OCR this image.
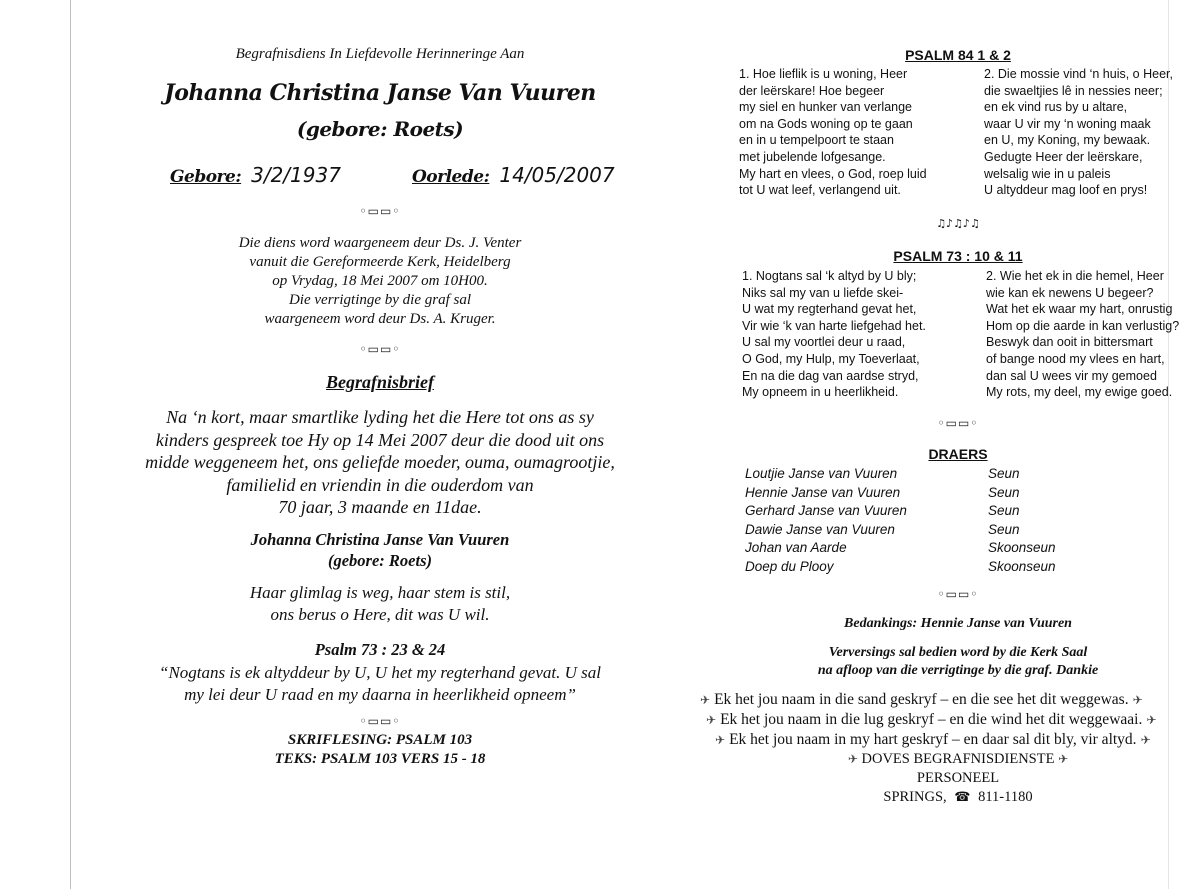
Begrafnisdiens In Liefdevolle Herinneringe Aan
Johanna Christina Janse Van Vuuren
(gebore: Roets)
Gebore: 3/2/1937	Oorlede: 14/05/2007
◦▭▭◦
Die diens word waargeneem deur Ds. J. Venter
vanuit die Gereformeerde Kerk, Heidelberg
op Vrydag, 18 Mei 2007 om 10H00.
Die verrigtinge by die graf sal
waargeneem word deur Ds. A. Kruger.
◦▭▭◦
Begrafnisbrief
Na ‘n kort, maar smartlike lyding het die Here tot ons as sy
kinders gespreek toe Hy op 14 Mei 2007 deur die dood uit ons
midde weggeneem het, ons geliefde moeder, ouma, oumagrootjie,
familielid en vriendin in die ouderdom van
70 jaar, 3 maande en 11dae.
Johanna Christina Janse Van Vuuren
(gebore: Roets)
Haar glimlag is weg, haar stem is stil,
ons berus o Here, dit was U wil.
Psalm 73 : 23 & 24
“Nogtans is ek altyddeur by U, U het my regterhand gevat. U sal
my lei deur U raad en my daarna in heerlikheid opneem”
◦▭▭◦
SKRIFLESING: PSALM 103
TEKS: PSALM 103 VERS 15 - 18
PSALM 84 1 & 2
1. Hoe lieflik is u woning, Heer
der leërskare! Hoe begeer
my siel en hunker van verlange
om na Gods woning op te gaan
en in u tempelpoort te staan
met jubelende lofgesange.
My hart en vlees, o God, roep luid
tot U wat leef, verlangend uit.
2. Die mossie vind ‘n huis, o Heer,
die swaeltjies lê in nessies neer;
en ek vind rus by u altare,
waar U vir my ‘n woning maak
en U, my Koning, my bewaak.
Gedugte Heer der leërskare,
welsalig wie in u paleis
U altyddeur mag loof en prys!
♫♪♫♪♫
PSALM 73 : 10 & 11
1. Nogtans sal ‘k altyd by U bly;
Niks sal my van u liefde skei-
U wat my regterhand gevat het,
Vir wie ‘k van harte liefgehad het.
U sal my voortlei deur u raad,
O God, my Hulp, my Toeverlaat,
En na die dag van aardse stryd,
My opneem in u heerlikheid.
2. Wie het ek in die hemel, Heer
wie kan ek newens U begeer?
Wat het ek waar my hart, onrustig
Hom op die aarde in kan verlustig?
Beswyk dan ooit in bittersmart
of bange nood my vlees en hart,
dan sal U wees vir my gemoed
My rots, my deel, my ewige goed.
◦▭▭◦
DRAERS
Loutjie Janse van Vuuren
Hennie Janse van Vuuren
Gerhard Janse van Vuuren
Dawie Janse van Vuuren
Johan van Aarde
Doep du Plooy
Seun
Seun
Seun
Seun
Skoonseun
Skoonseun
◦▭▭◦
Bedankings: Hennie Janse van Vuuren
Verversings sal bedien word by die Kerk Saal
na afloop van die verrigtinge by die graf. Dankie
✈ Ek het jou naam in die sand geskryf – en die see het dit weggewas. ✈
✈ Ek het jou naam in die lug geskryf – en die wind het dit weggewaai. ✈
✈ Ek het jou naam in my hart geskryf – en daar sal dit bly, vir altyd. ✈
✈ DOVES BEGRAFNISDIENSTE ✈
PERSONEEL
SPRINGS, ☎ 811-1180
